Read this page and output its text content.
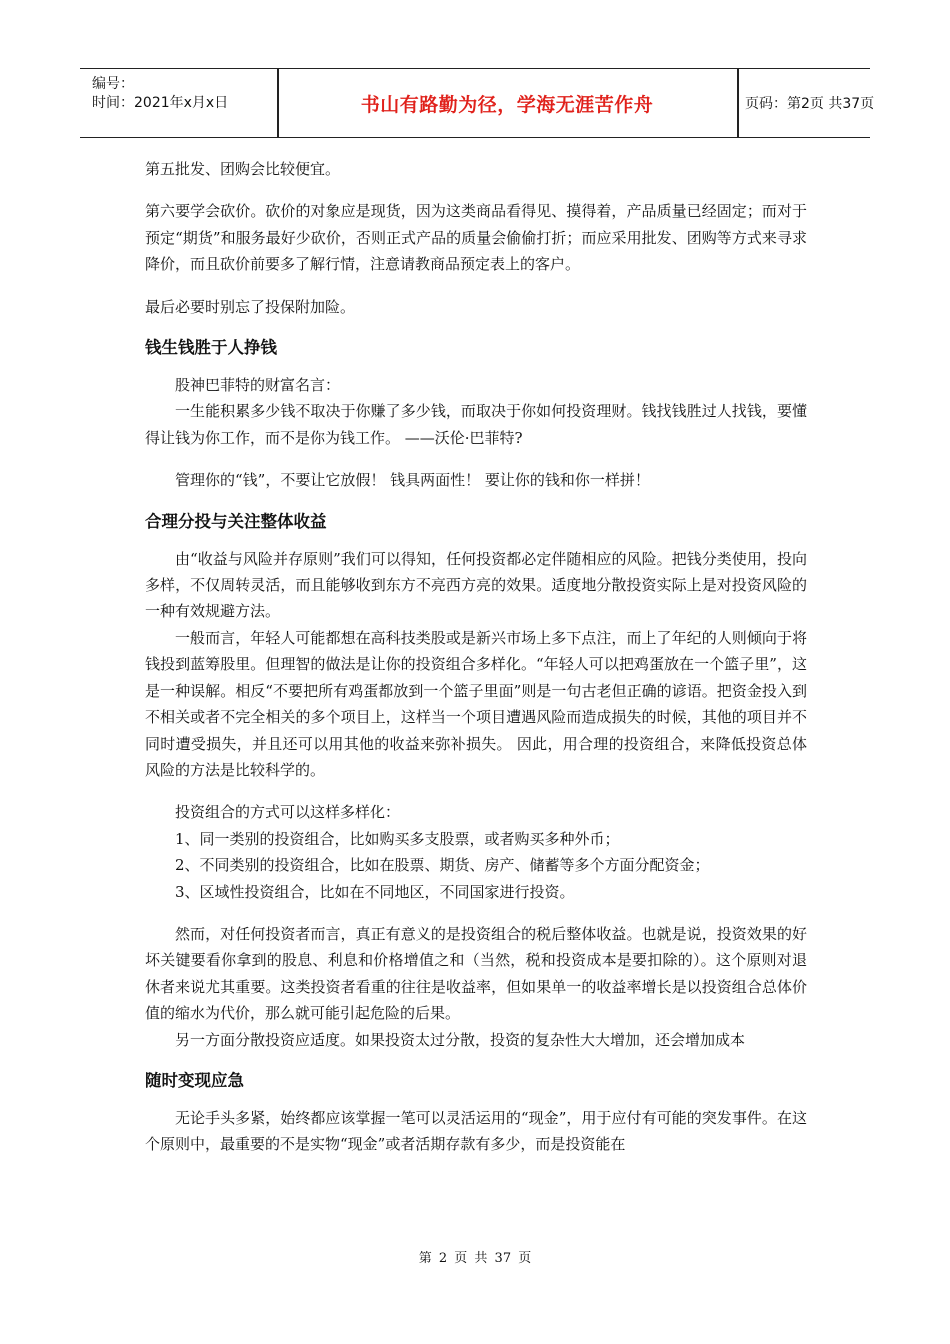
编号：
时间：2021年x月x日	书山有路勤为径，学海无涯苦作舟	页码：第2页 共37页

第五批发、团购会比较便宜。

第六要学会砍价。砍价的对象应是现货，因为这类商品看得见、摸得着，产品质量已经固定；而对于预定“期货”和服务最好少砍价，否则正式产品的质量会偷偷打折；而应采用批发、团购等方式来寻求降价，而且砍价前要多了解行情，注意请教商品预定表上的客户。

最后必要时别忘了投保附加险。

钱生钱胜于人挣钱

股神巴菲特的财富名言：

一生能积累多少钱不取决于你赚了多少钱，而取决于你如何投资理财。钱找钱胜过人找钱，要懂得让钱为你工作，而不是你为钱工作。 ——沃伦·巴菲特?

管理你的“钱”，不要让它放假！ 钱具两面性！ 要让你的钱和你一样拼！

合理分投与关注整体收益

由“收益与风险并存原则”我们可以得知，任何投资都必定伴随相应的风险。把钱分类使用，投向多样，不仅周转灵活，而且能够收到东方不亮西方亮的效果。适度地分散投资实际上是对投资风险的一种有效规避方法。

一般而言，年轻人可能都想在高科技类股或是新兴市场上多下点注，而上了年纪的人则倾向于将钱投到蓝筹股里。但理智的做法是让你的投资组合多样化。“年轻人可以把鸡蛋放在一个篮子里”，这是一种误解。相反“不要把所有鸡蛋都放到一个篮子里面”则是一句古老但正确的谚语。把资金投入到不相关或者不完全相关的多个项目上，这样当一个项目遭遇风险而造成损失的时候，其他的项目并不同时遭受损失，并且还可以用其他的收益来弥补损失。 因此，用合理的投资组合，来降低投资总体风险的方法是比较科学的。

投资组合的方式可以这样多样化：

1、同一类别的投资组合，比如购买多支股票，或者购买多种外币；

2、不同类别的投资组合，比如在股票、期货、房产、储蓄等多个方面分配资金；

3、区域性投资组合，比如在不同地区，不同国家进行投资。

然而，对任何投资者而言，真正有意义的是投资组合的税后整体收益。也就是说，投资效果的好坏关键要看你拿到的股息、利息和价格增值之和（当然，税和投资成本是要扣除的）。这个原则对退休者来说尤其重要。这类投资者看重的往往是收益率，但如果单一的收益率增长是以投资组合总体价值的缩水为代价，那么就可能引起危险的后果。

另一方面分散投资应适度。如果投资太过分散，投资的复杂性大大增加，还会增加成本

随时变现应急

无论手头多紧，始终都应该掌握一笔可以灵活运用的“现金”，用于应付有可能的突发事件。在这个原则中，最重要的不是实物“现金”或者活期存款有多少，而是投资能在

第 2 页 共 37 页
